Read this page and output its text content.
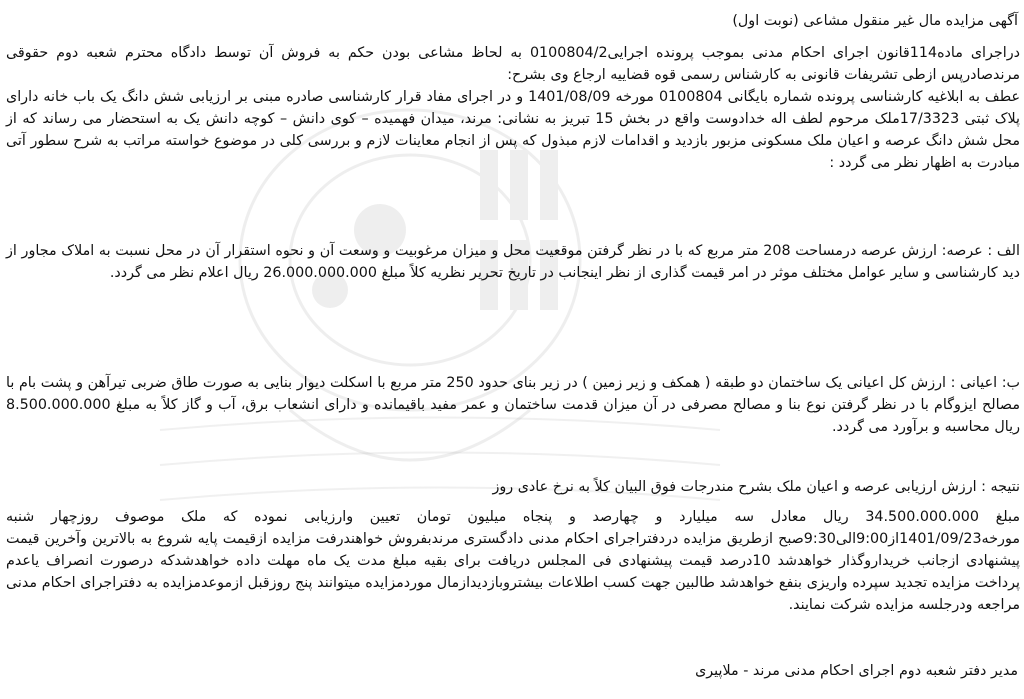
آگهی مزایده مال غیر منقول مشاعی (نوبت اول)

دراجرای ماده114قانون اجرای احکام مدنی بموجب پرونده اجرایی0100804/2 به لحاظ مشاعی بودن حکم به فروش آن توسط دادگاه محترم شعبه دوم حقوقی مرندصادرپس ازطی تشریفات قانونی به کارشناس رسمی قوه قضاییه ارجاع وی بشرح:

عطف به ابلاغیه کارشناسی پرونده شماره بایگانی 0100804 مورخه 1401/08/09 و در اجرای مفاد قرار کارشناسی صادره مبنی بر ارزیابی شش دانگ یک باب خانه دارای پلاک ثبتی 17/3323ملک مرحوم لطف اله خدادوست واقع در بخش 15 تبریز به نشانی: مرند، میدان فهمیده – کوی دانش – کوچه دانش یک به استحضار می رساند که از محل شش دانگ عرصه و اعیان ملک مسکونی مزبور بازدید و اقدامات لازم مبذول که پس از انجام معاینات لازم و بررسی کلی در موضوع خواسته مراتب به شرح سطور آتی مبادرت به اظهار نظر می گردد :

الف : عرصه: ارزش عرصه درمساحت 208 متر مربع که با در نظر گرفتن موقعیت محل و میزان مرغوبیت و وسعت آن و نحوه استقرار آن در محل نسبت به املاک مجاور از دید کارشناسی و سایر عوامل مختلف موثر در امر قیمت گذاری از نظر اینجانب در تاریخ تحریر نظریه کلاً مبلغ 26.000.000.000 ریال اعلام نظر می گردد.

ب: اعیانی : ارزش کل اعیانی یک ساختمان دو طبقه ( همکف و زیر زمین ) در زیر بنای حدود 250 متر مربع با اسکلت دیوار بنایی به صورت طاق ضربی تیرآهن و پشت بام با مصالح ایزوگام با در نظر گرفتن نوع بنا و مصالح مصرفی در آن میزان قدمت ساختمان و عمر مفید باقیمانده و دارای انشعاب برق، آب و گاز کلاً به مبلغ 8.500.000.000 ریال محاسبه و برآورد می گردد.

نتیجه : ارزش ارزیابی عرصه و اعیان ملک بشرح مندرجات فوق البیان کلاً به نرخ عادی روز

مبلغ 34.500.000.000 ریال معادل سه میلیارد و چهارصد و پنجاه میلیون تومان تعیین وارزیابی نموده که ملک موصوف روزچهار شنبه مورخه1401/09/23از9:00الی9:30صبح ازطریق مزایده دردفتراجرای احکام مدنی دادگستری مرندبفروش خواهندرفت مزایده ازقیمت پایه شروع به بالاترین وآخرین قیمت پیشنهادی ازجانب خریداروگذار خواهدشد 10درصد قیمت پیشنهادی فی المجلس دریافت برای بقیه مبلغ مدت یک ماه مهلت داده خواهدشدکه درصورت انصراف یاعدم پرداخت مزایده تجدید سپرده واریزی بنفع خواهدشد طالبین جهت کسب اطلاعات بیشتروبازدیدازمال موردمزایده میتوانند پنج روزقبل ازموعدمزایده به دفتراجرای احکام مدنی مراجعه ودرجلسه مزایده شرکت نمایند.

مدیر دفتر شعبه دوم اجرای احکام مدنی مرند - ملاپیری
